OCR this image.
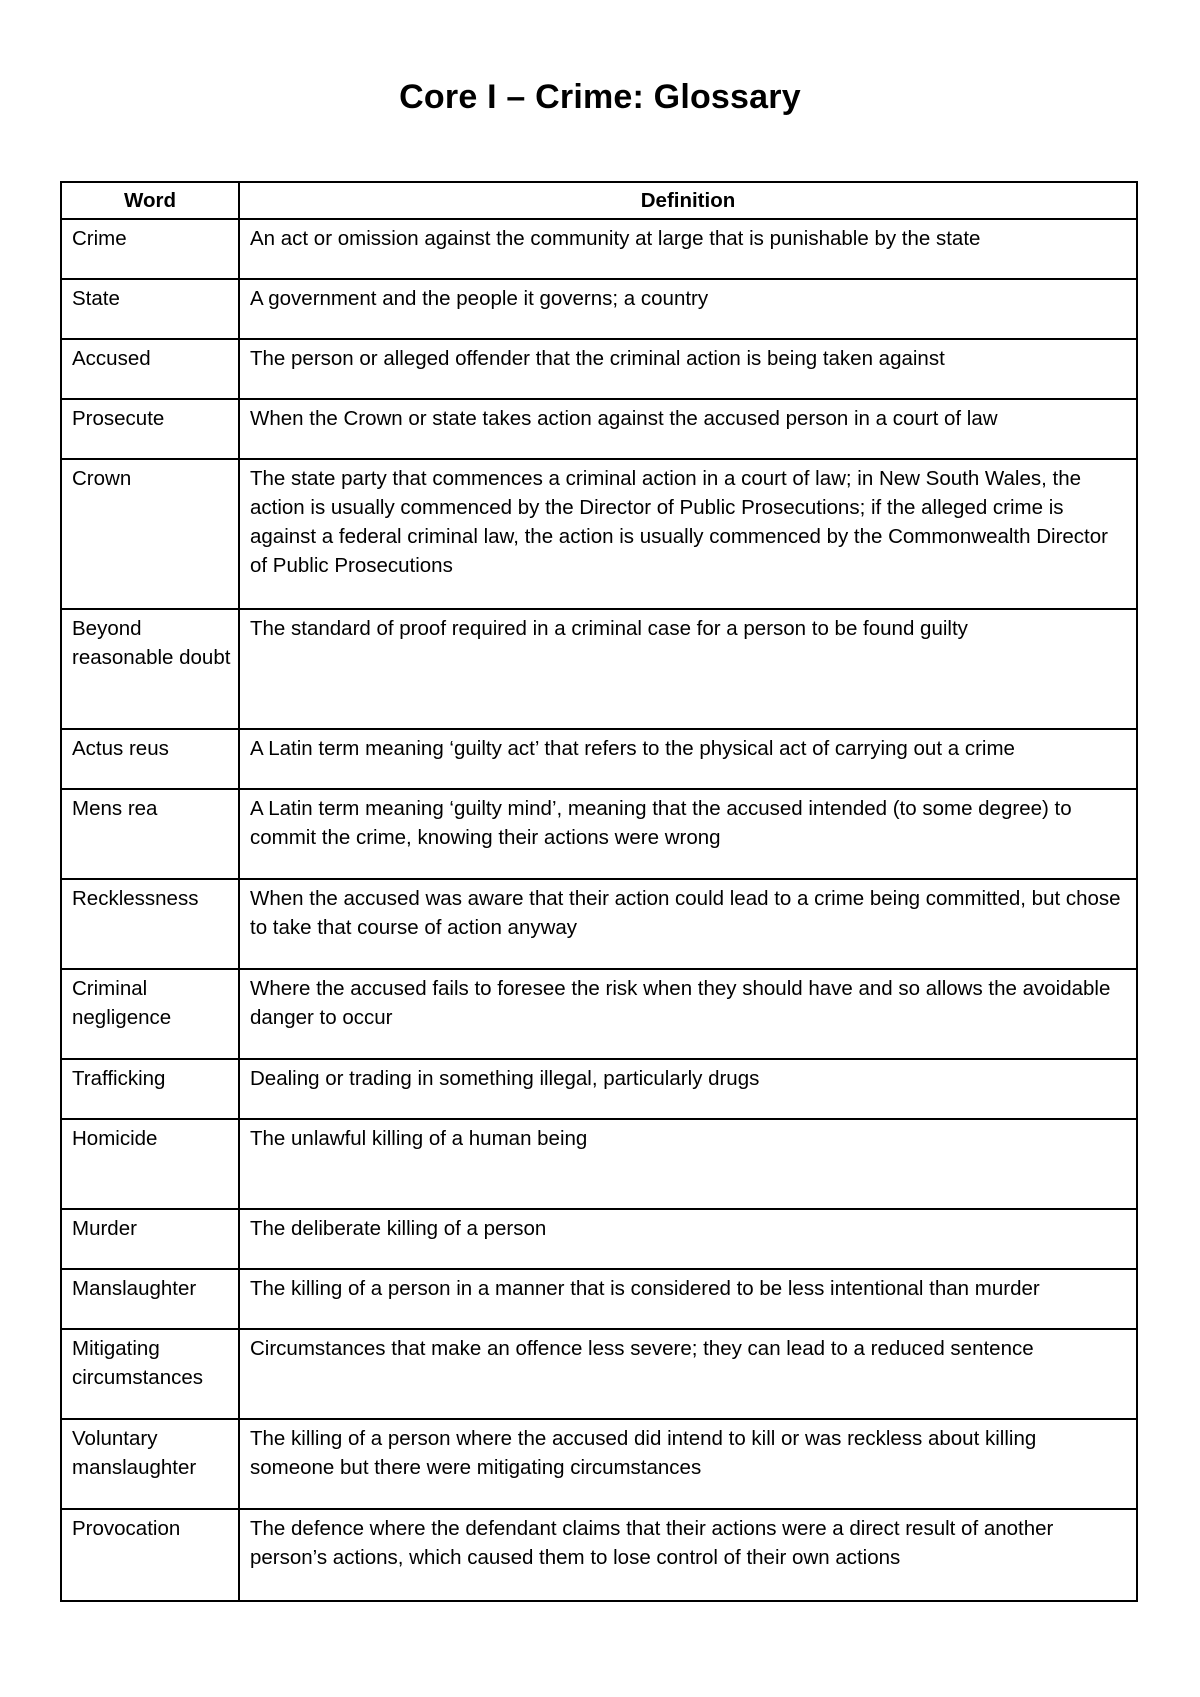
Core I – Crime: Glossary
Word	Definition
Crime	An act or omission against the community at large that is punishable by the state
State	A government and the people it governs; a country
Accused	The person or alleged offender that the criminal action is being taken against
Prosecute	When the Crown or state takes action against the accused person in a court of law
Crown	The state party that commences a criminal action in a court of law; in New South Wales, the action is usually commenced by the Director of Public Prosecutions; if the alleged crime is against a federal criminal law, the action is usually commenced by the Commonwealth Director of Public Prosecutions
Beyond reasonable doubt	The standard of proof required in a criminal case for a person to be found guilty
Actus reus	A Latin term meaning ‘guilty act’ that refers to the physical act of carrying out a crime
Mens rea	A Latin term meaning ‘guilty mind’, meaning that the accused intended (to some degree) to commit the crime, knowing their actions were wrong
Recklessness	When the accused was aware that their action could lead to a crime being committed, but chose to take that course of action anyway
Criminal negligence	Where the accused fails to foresee the risk when they should have and so allows the avoidable danger to occur
Trafficking	Dealing or trading in something illegal, particularly drugs
Homicide	The unlawful killing of a human being
Murder	The deliberate killing of a person
Manslaughter	The killing of a person in a manner that is considered to be less intentional than murder
Mitigating circumstances	Circumstances that make an offence less severe; they can lead to a reduced sentence
Voluntary manslaughter	The killing of a person where the accused did intend to kill or was reckless about killing someone but there were mitigating circumstances
Provocation	The defence where the defendant claims that their actions were a direct result of another person’s actions, which caused them to lose control of their own actions
